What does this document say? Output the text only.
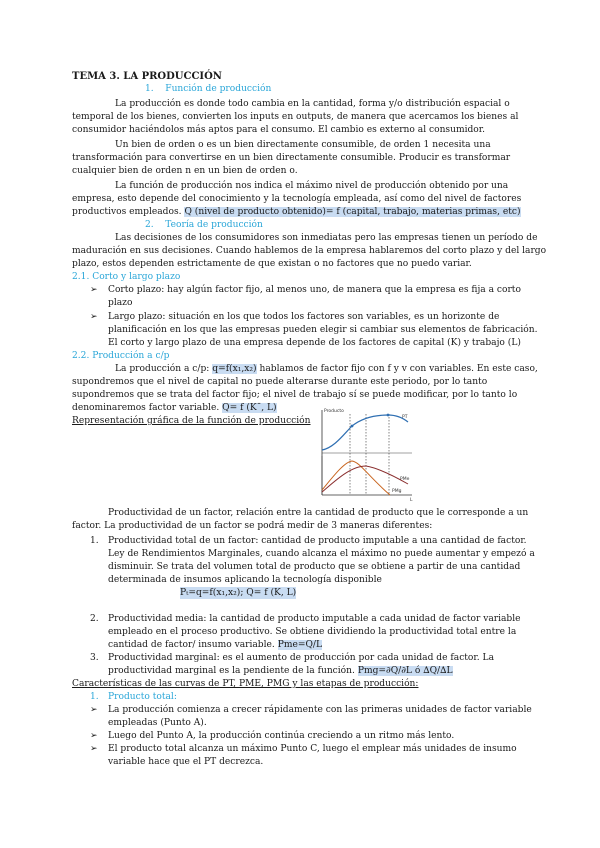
TEMA 3. LA PRODUCCIÓN
1. Función de producción
La producción es donde todo cambia en la cantidad, forma y/o distribución espacial o
temporal de los bienes, convierten los inputs en outputs, de manera que acercamos los bienes al
consumidor haciéndolos más aptos para el consumo. El cambio es externo al consumidor.
Un bien de orden o es un bien directamente consumible, de orden 1 necesita una
transformación para convertirse en un bien directamente consumible. Producir es transformar
cualquier bien de orden n en un bien de orden o.
La función de producción nos indica el máximo nivel de producción obtenido por una
empresa, esto depende del conocimiento y la tecnología empleada, así como del nivel de factores
productivos empleados. Q (nivel de producto obtenido)= f (capital, trabajo, materias primas, etc)
2. Teoría de producción
Las decisiones de los consumidores son inmediatas pero las empresas tienen un período de
maduración en sus decisiones. Cuando hablemos de la empresa hablaremos del corto plazo y del largo
plazo, estos dependen estrictamente de que existan o no factores que no puedo variar.
2.1. Corto y largo plazo
➢ Corto plazo: hay algún factor fijo, al menos uno, de manera que la empresa es fija a corto
plazo
➢ Largo plazo: situación en los que todos los factores son variables, es un horizonte de
planificación en los que las empresas pueden elegir si cambiar sus elementos de fabricación.
El corto y largo plazo de una empresa depende de los factores de capital (K) y trabajo (L)
2.2. Producción a c/p
La producción a c/p: q=f(x₁,x₂) hablamos de factor fijo con f y v con variables. En este caso,
supondremos que el nivel de capital no puede alterarse durante este periodo, por lo tanto
supondremos que se trata del factor fijo; el nivel de trabajo sí se puede modificar, por lo tanto lo
denominaremos factor variable. Q= f (K¯, L)
Representación gráfica de la función de producción
Producto
PT
PMe
PMg
L
Productividad de un factor, relación entre la cantidad de producto que le corresponde a un
factor. La productividad de un factor se podrá medir de 3 maneras diferentes:
1. Productividad total de un factor: cantidad de producto imputable a una cantidad de factor.
Ley de Rendimientos Marginales, cuando alcanza el máximo no puede aumentar y empezó a
disminuir. Se trata del volumen total de producto que se obtiene a partir de una cantidad
determinada de insumos aplicando la tecnología disponible
Pₜ=q=f(x₁,x₂); Q= f (K, L)
2. Productividad media: la cantidad de producto imputable a cada unidad de factor variable
empleado en el proceso productivo. Se obtiene dividiendo la productividad total entre la
cantidad de factor/ insumo variable. Pme=Q/L
3. Productividad marginal: es el aumento de producción por cada unidad de factor. La
productividad marginal es la pendiente de la función. Pmg=∂Q/∂L ó ∆Q/∆L
Características de las curvas de PT, PME, PMG y las etapas de producción:
1. Producto total:
➢ La producción comienza a crecer rápidamente con las primeras unidades de factor variable
empleadas (Punto A).
➢ Luego del Punto A, la producción continúa creciendo a un ritmo más lento.
➢ El producto total alcanza un máximo Punto C, luego el emplear más unidades de insumo
variable hace que el PT decrezca.
